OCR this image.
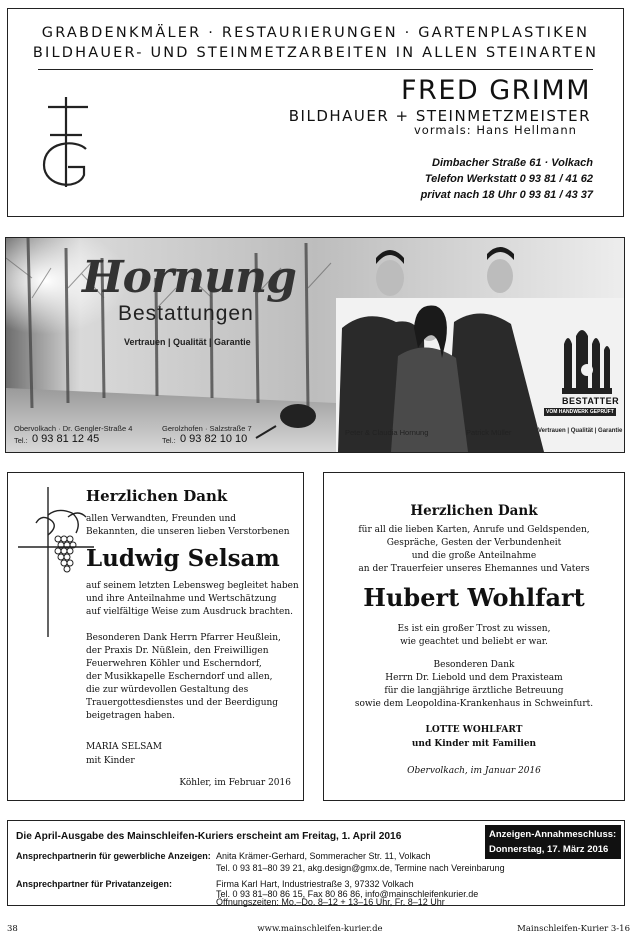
GRABDENKMÄLER · RESTAURIERUNGEN · GARTENPLASTIKEN
BILDHAUER- UND STEINMETZARBEITEN IN ALLEN STEINARTEN
FRED GRIMM
BILDHAUER + STEINMETZMEISTER
vormals: Hans Hellmann
Dimbacher Straße 61 · Volkach
Telefon Werkstatt 0 93 81 / 41 62
privat nach 18 Uhr 0 93 81 / 43 37
Hornung
Bestattungen
Vertrauen | Qualität | Garantie
Obervolkach · Dr. Gengler-Straße 4
Tel.: 0 93 81 12 45
Gerolzhofen · Salzstraße 7
Tel.: 0 93 82 10 10
Peter & Claudia Hornung	Patrick Müller
BESTATTER
VOM HANDWERK GEPRÜFT
Vertrauen | Qualität | Garantie
Herzlichen Dank
allen Verwandten, Freunden und
Bekannten, die unseren lieben Verstorbenen
Ludwig Selsam
auf seinem letzten Lebensweg begleitet haben
und ihre Anteilnahme und Wertschätzung
auf vielfältige Weise zum Ausdruck brachten.
Besonderen Dank Herrn Pfarrer Heußlein,
der Praxis Dr. Nüßlein, den Freiwilligen
Feuerwehren Köhler und Escherndorf,
der Musikkapelle Escherndorf und allen,
die zur würdevollen Gestaltung des
Trauergottesdienstes und der Beerdigung
beigetragen haben.
MARIA SELSAM
mit Kinder
Köhler, im Februar 2016
Herzlichen Dank
für all die lieben Karten, Anrufe und Geldspenden,
Gespräche, Gesten der Verbundenheit
und die große Anteilnahme
an der Trauerfeier unseres Ehemannes und Vaters
Hubert Wohlfart
Es ist ein großer Trost zu wissen,
wie geachtet und beliebt er war.
Besonderen Dank
Herrn Dr. Liebold und dem Praxisteam
für die langjährige ärztliche Betreuung
sowie dem Leopoldina-Krankenhaus in Schweinfurt.
LOTTE WOHLFART
und Kinder mit Familien
Obervolkach, im Januar 2016
Die April-Ausgabe des Mainschleifen-Kuriers erscheint am Freitag, 1. April 2016	Anzeigen-Annahmeschluss:
Donnerstag, 17. März 2016
Ansprechpartnerin für gewerbliche Anzeigen: Anita Krämer-Gerhard, Sommeracher Str. 11, Volkach
Tel. 0 93 81–80 39 21, akg.design@gmx.de, Termine nach Vereinbarung
Ansprechpartner für Privatanzeigen:	Firma Karl Hart, Industriestraße 3, 97332 Volkach
Tel. 0 93 81–80 86 15, Fax 80 86 86, info@mainschleifenkurier.de
Öffnungszeiten: Mo.–Do. 8–12 + 13–16 Uhr, Fr. 8–12 Uhr
38	www.mainschleifen-kurier.de	Mainschleifen-Kurier 3-16
